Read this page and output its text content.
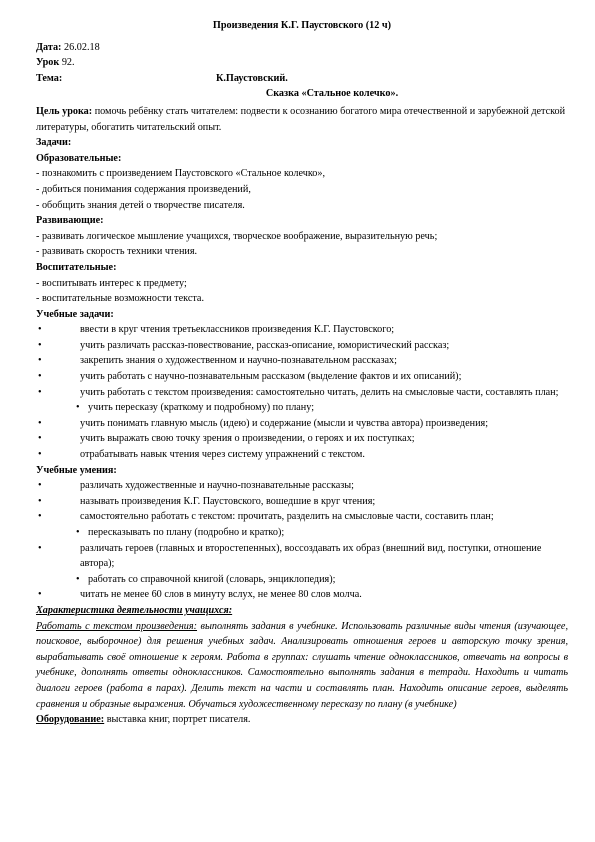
Произведения К.Г. Паустовского (12 ч)
Дата: 26.02.18
Урок 92.
Тема:	К.Паустовский.
Сказка «Стальное колечко».
Цель урока: помочь ребёнку стать читателем: подвести к осознанию богатого мира отечественной и зарубежной детской литературы, обогатить читательский опыт.
Задачи:
Образовательные:
- познакомить с произведением Паустовского «Стальное колечко»,
- добиться понимания содержания произведений,
- обобщить знания детей о творчестве писателя.
Развивающие:
- развивать логическое мышление учащихся, творческое воображение, выразительную речь;
- развивать скорость техники чтения.
Воспитательные:
- воспитывать интерес к предмету;
- воспитательные возможности текста.
Учебные задачи:
•	ввести в круг чтения третьеклассников произведения К.Г. Паустовского;
•	учить различать рассказ-повествование, рассказ-описание, юмористический рассказ;
•	закрепить знания о художественном и научно-познавательном рассказах;
•	учить работать с научно-познавательным рассказом (выделение фактов и их описаний);
•	учить работать с текстом произведения: самостоятельно читать, делить на смысловые части, составлять план;
• учить пересказу (краткому и подробному) по плану;
•	учить понимать главную мысль (идею) и содержание (мысли и чувства автора) произведения;
•	учить выражать свою точку зрения о произведении, о героях и их поступках;
•	отрабатывать навык чтения через систему упражнений с текстом.
Учебные умения:
•	различать художественные и научно-познавательные рассказы;
•	называть произведения К.Г. Паустовского, вошедшие в круг чтения;
•	самостоятельно работать с текстом: прочитать, разделить на смысловые части, составить план;
• пересказывать по плану (подробно и кратко);
•	различать героев (главных и второстепенных), воссоздавать их образ (внешний вид, поступки, отношение автора);
• работать со справочной книгой (словарь, энциклопедия);
•	читать не менее 60 слов в минуту вслух, не менее 80 слов молча.
Характеристика деятельности учащихся:
Работать с текстом произведения: выполнять задания в учебнике. Использовать различные виды чтения (изучающее, поисковое, выборочное) для решения учебных задач. Анализировать отношения героев и авторскую точку зрения, вырабатывать своё отношение к героям. Работа в группах: слушать чтение одноклассников, отвечать на вопросы в учебнике, дополнять ответы одноклассников. Самостоятельно выполнять задания в тетради. Находить и читать диалоги героев (работа в парах). Делить текст на части и составлять план. Находить описание героев, выделять сравнения и образные выражения. Обучаться художественному пересказу по плану (в учебнике)
Оборудование: выставка книг, портрет писателя.
